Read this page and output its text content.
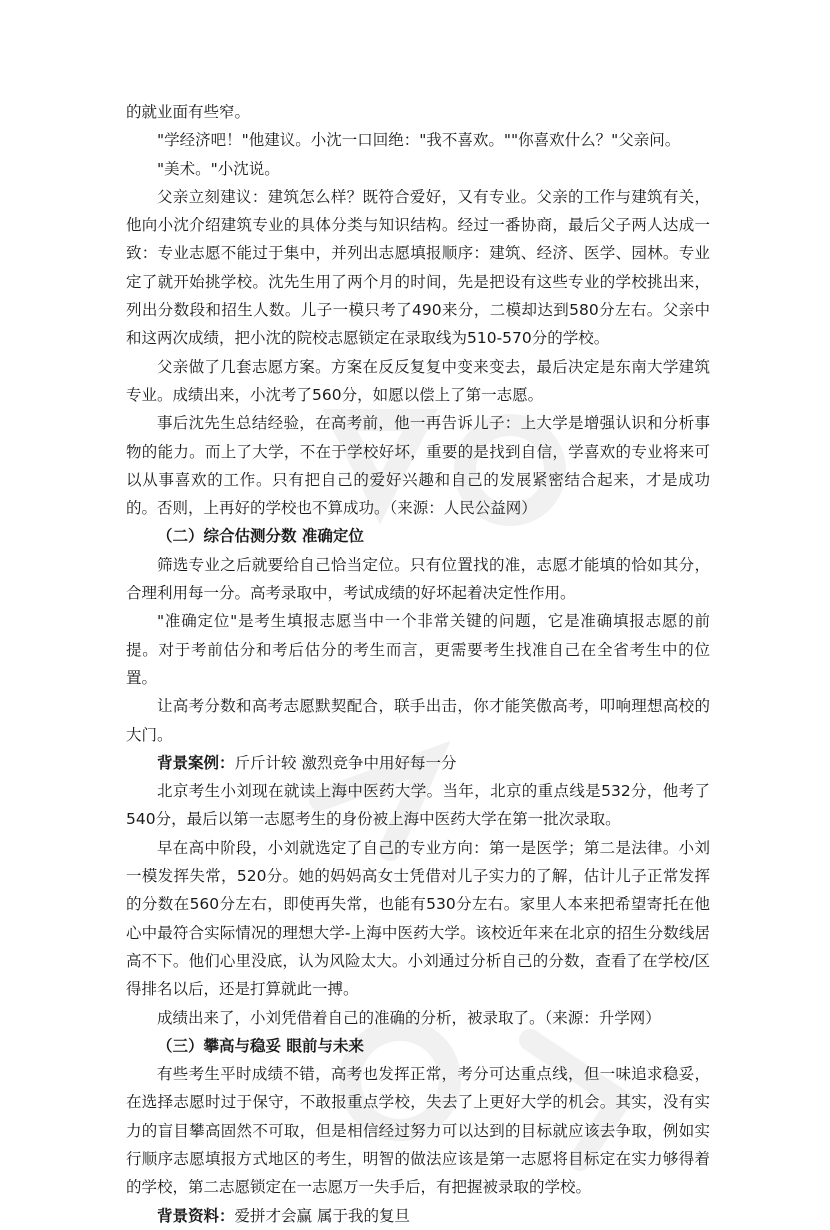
的就业面有些窄。

"学经济吧！"他建议。小沈一口回绝："我不喜欢。""你喜欢什么？"父亲问。

"美术。"小沈说。

父亲立刻建议：建筑怎么样？既符合爱好，又有专业。父亲的工作与建筑有关，他向小沈介绍建筑专业的具体分类与知识结构。经过一番协商，最后父子两人达成一致：专业志愿不能过于集中，并列出志愿填报顺序：建筑、经济、医学、园林。专业定了就开始挑学校。沈先生用了两个月的时间，先是把设有这些专业的学校挑出来，列出分数段和招生人数。儿子一模只考了490来分，二模却达到580分左右。父亲中和这两次成绩，把小沈的院校志愿锁定在录取线为510-570分的学校。

父亲做了几套志愿方案。方案在反反复复中变来变去，最后决定是东南大学建筑专业。成绩出来，小沈考了560分，如愿以偿上了第一志愿。

事后沈先生总结经验，在高考前，他一再告诉儿子：上大学是增强认识和分析事物的能力。而上了大学，不在于学校好坏，重要的是找到自信，学喜欢的专业将来可以从事喜欢的工作。只有把自己的爱好兴趣和自己的发展紧密结合起来，才是成功的。否则，上再好的学校也不算成功。（来源：人民公益网）

（二）综合估测分数 准确定位

筛选专业之后就要给自己恰当定位。只有位置找的准，志愿才能填的恰如其分，合理利用每一分。高考录取中，考试成绩的好坏起着决定性作用。

"准确定位"是考生填报志愿当中一个非常关键的问题，它是准确填报志愿的前提。对于考前估分和考后估分的考生而言，更需要考生找准自己在全省考生中的位置。

让高考分数和高考志愿默契配合，联手出击，你才能笑傲高考，叩响理想高校的大门。

背景案例：斤斤计较 激烈竞争中用好每一分

北京考生小刘现在就读上海中医药大学。当年，北京的重点线是532分，他考了540分，最后以第一志愿考生的身份被上海中医药大学在第一批次录取。

早在高中阶段，小刘就选定了自己的专业方向：第一是医学；第二是法律。小刘一模发挥失常，520分。她的妈妈高女士凭借对儿子实力的了解，估计儿子正常发挥的分数在560分左右，即使再失常，也能有530分左右。家里人本来把希望寄托在他心中最符合实际情况的理想大学-上海中医药大学。该校近年来在北京的招生分数线居高不下。他们心里没底，认为风险太大。小刘通过分析自己的分数，查看了在学校/区得排名以后，还是打算就此一搏。

成绩出来了，小刘凭借着自己的准确的分析，被录取了。（来源：升学网）

（三）攀高与稳妥 眼前与未来

有些考生平时成绩不错，高考也发挥正常，考分可达重点线，但一味追求稳妥，在选择志愿时过于保守，不敢报重点学校，失去了上更好大学的机会。其实，没有实力的盲目攀高固然不可取，但是相信经过努力可以达到的目标就应该去争取，例如实行顺序志愿填报方式地区的考生，明智的做法应该是第一志愿将目标定在实力够得着的学校，第二志愿锁定在一志愿万一失手后，有把握被录取的学校。

背景资料：爱拼才会赢 属于我的复旦
